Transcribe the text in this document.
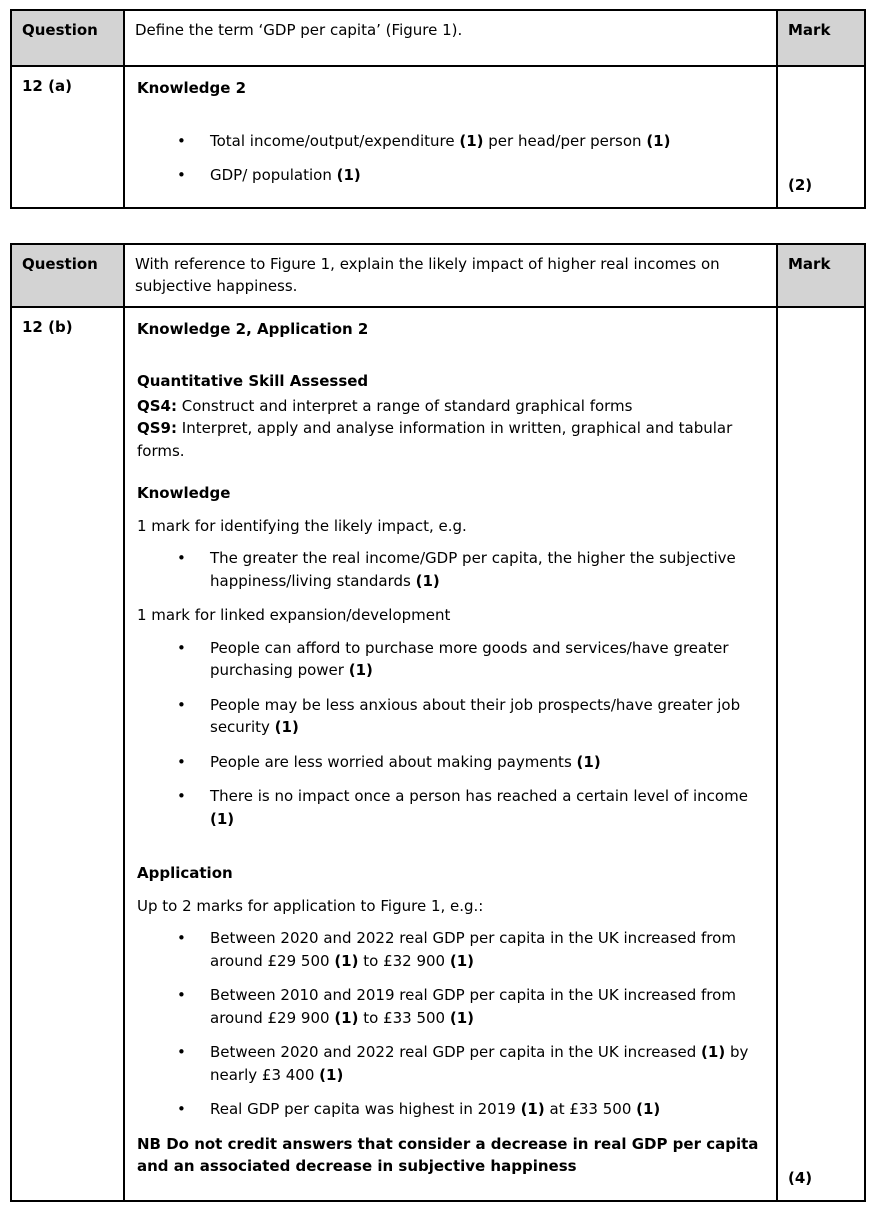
Question	Define the term ‘GDP per capita’ (Figure 1).	Mark
12 (a)	Knowledge 2
•	Total income/output/expenditure (1) per head/per person (1)
•	GDP/ population (1)
(2)
Question	With reference to Figure 1, explain the likely impact of higher real incomes on subjective happiness.
Mark
12 (b)	Knowledge 2, Application 2
Quantitative Skill Assessed
QS4: Construct and interpret a range of standard graphical forms
QS9: Interpret, apply and analyse information in written, graphical and tabular forms.
Knowledge
1 mark for identifying the likely impact, e.g.
•	The greater the real income/GDP per capita, the higher the subjective happiness/living standards (1)
1 mark for linked expansion/development
•	People can afford to purchase more goods and services/have greater purchasing power (1)
•	People may be less anxious about their job prospects/have greater job security (1)
•	People are less worried about making payments (1)
•	There is no impact once a person has reached a certain level of income (1)
Application
Up to 2 marks for application to Figure 1, e.g.:
•	Between 2020 and 2022 real GDP per capita in the UK increased from around £29 500 (1) to £32 900 (1)
•	Between 2010 and 2019 real GDP per capita in the UK increased from around £29 900 (1) to £33 500 (1)
•	Between 2020 and 2022 real GDP per capita in the UK increased (1) by nearly £3 400 (1)
•	Real GDP per capita was highest in 2019 (1) at £33 500 (1)
NB Do not credit answers that consider a decrease in real GDP per capita and an associated decrease in subjective happiness
(4)
